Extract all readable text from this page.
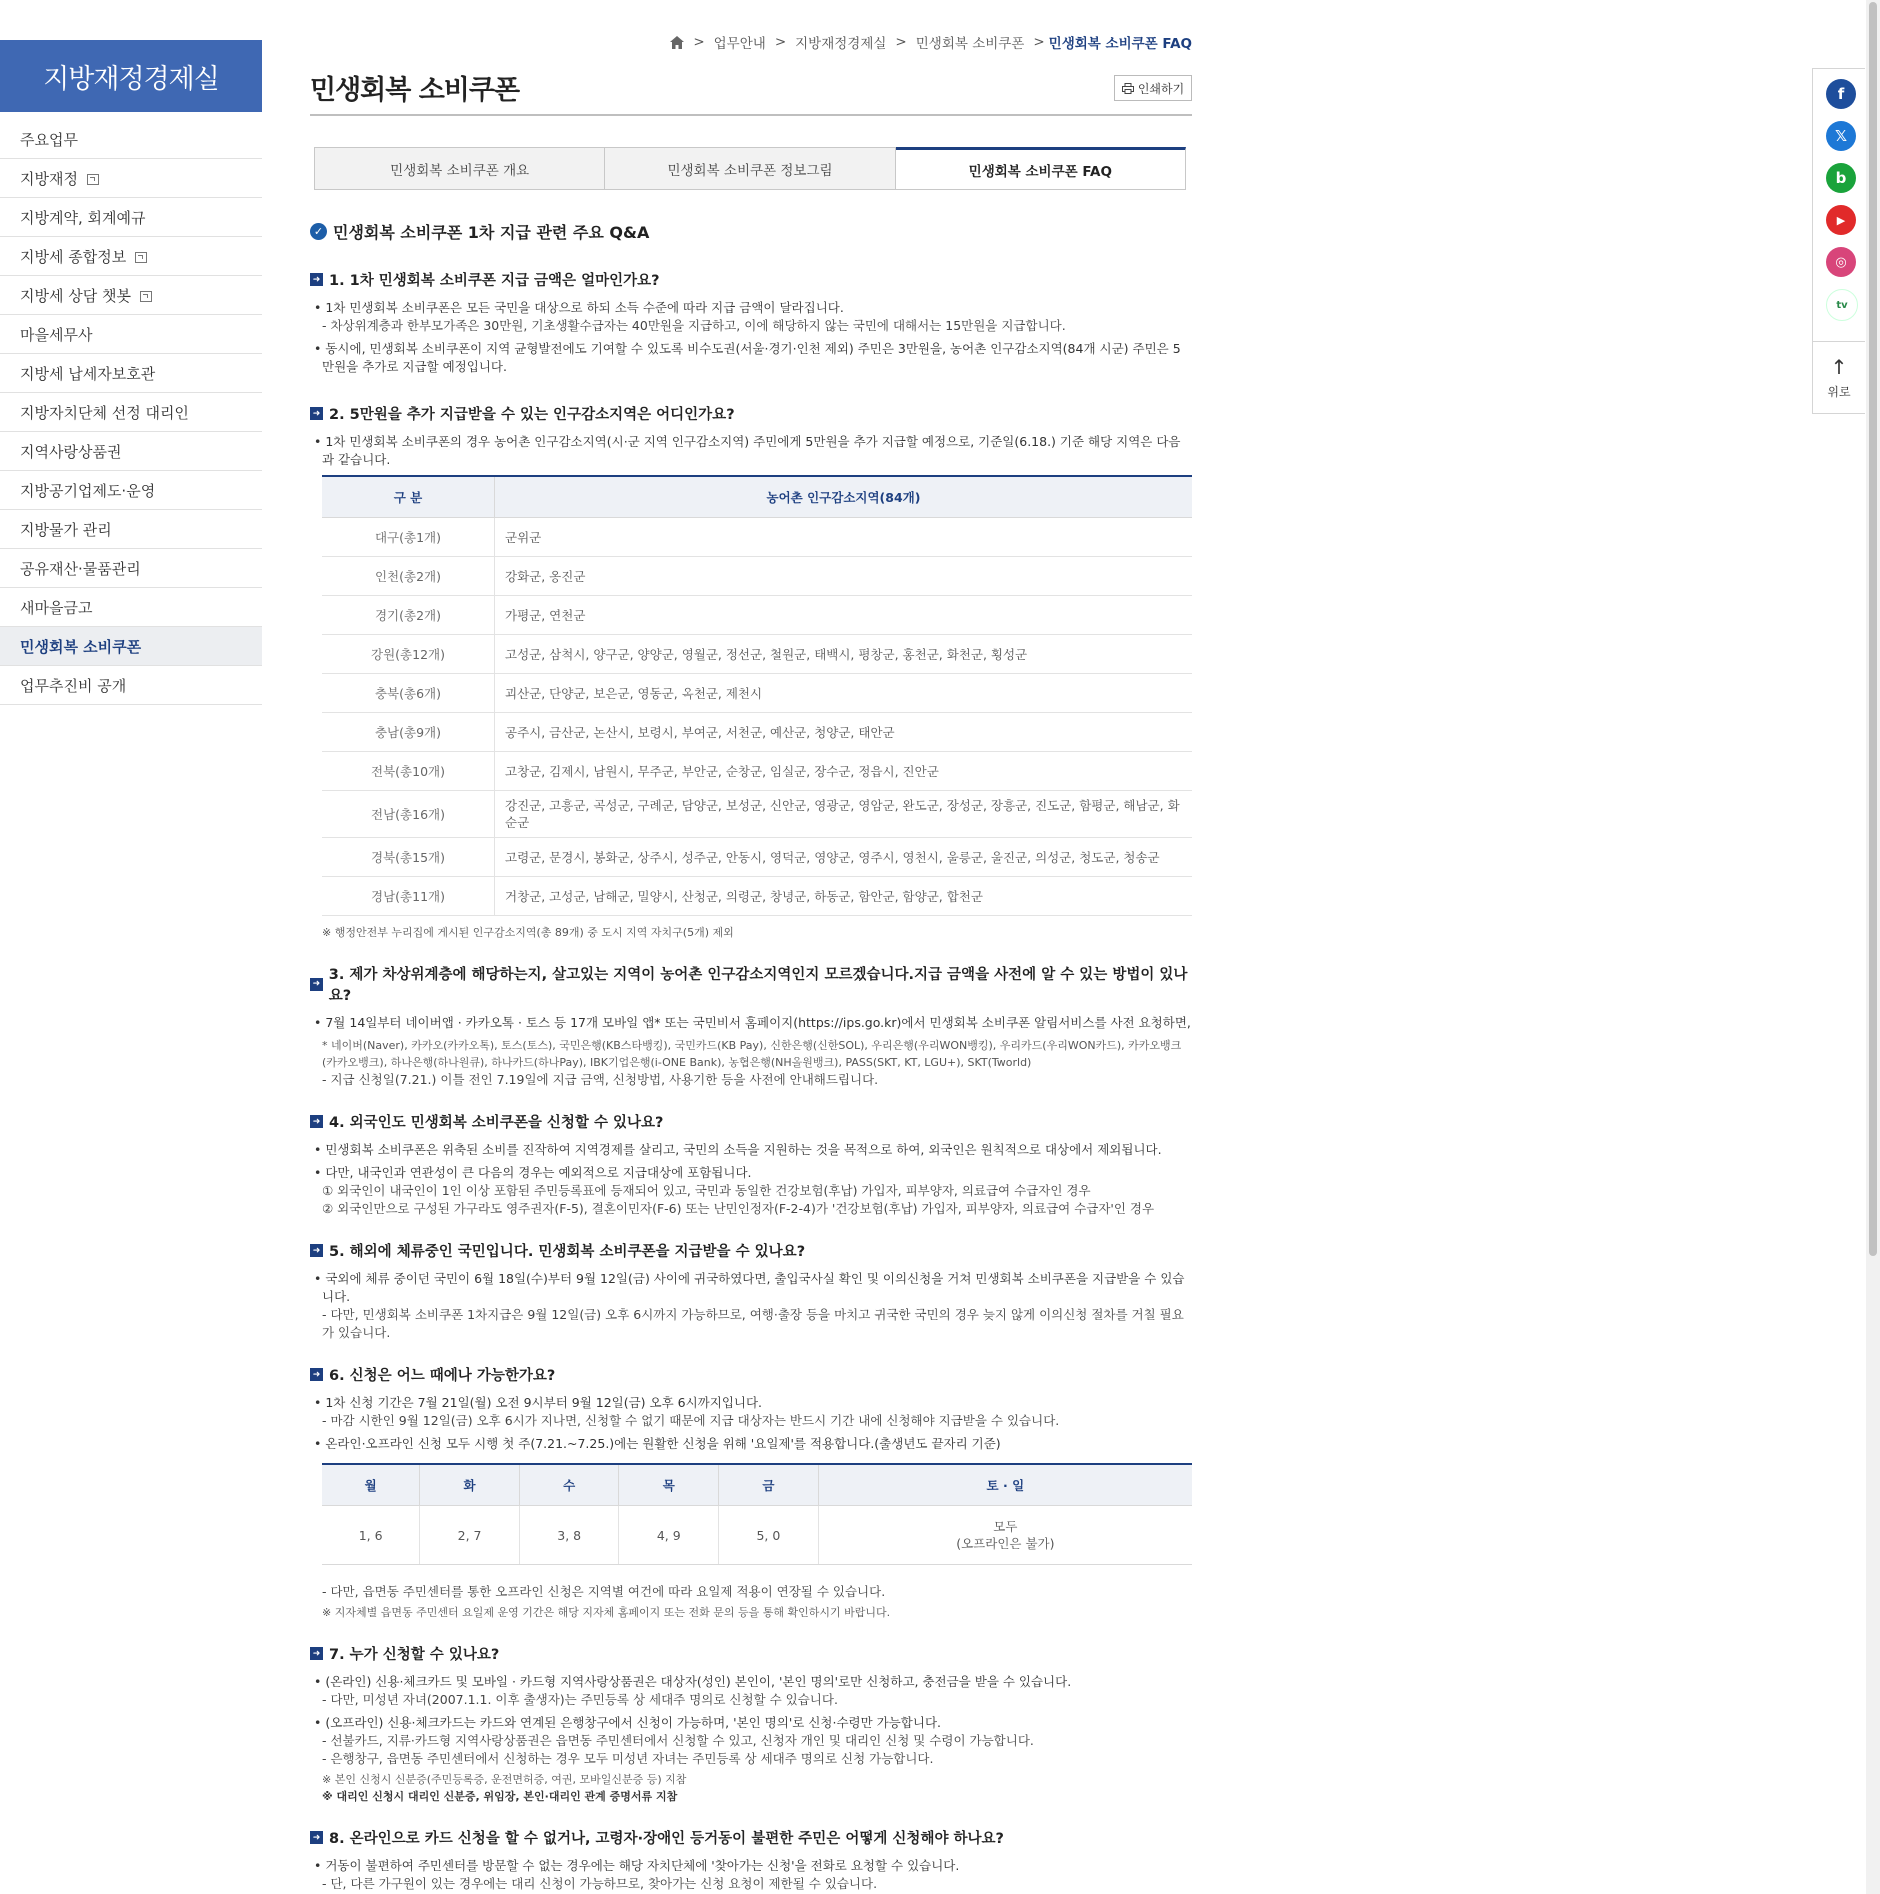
지방재정경제실
주요업무
지방재정
지방계약, 회계예규
지방세 종합정보
지방세 상담 챗봇
마을세무사
지방세 납세자보호관
지방자치단체 선정 대리인
지역사랑상품권
지방공기업제도·운영
지방물가 관리
공유재산·물품관리
새마을금고
민생회복 소비쿠폰
업무추진비 공개
> 업무안내 > 지방재정경제실 > 민생회복 소비쿠폰 > 민생회복 소비쿠폰 FAQ
민생회복 소비쿠폰	인쇄하기
민생회복 소비쿠폰 개요	민생회복 소비쿠폰 정보그림	민생회복 소비쿠폰 FAQ
✓ 민생회복 소비쿠폰 1차 지급 관련 주요 Q&A
➜ 1. 1차 민생회복 소비쿠폰 지급 금액은 얼마인가요?

• 1차 민생회복 소비쿠폰은 모든 국민을 대상으로 하되 소득 수준에 따라 지급 금액이 달라집니다.

- 차상위계층과 한부모가족은 30만원, 기초생활수급자는 40만원을 지급하고, 이에 해당하지 않는 국민에 대해서는 15만원을 지급합니다.

• 동시에, 민생회복 소비쿠폰이 지역 균형발전에도 기여할 수 있도록 비수도권(서울·경기·인천 제외) 주민은 3만원을, 농어촌 인구감소지역(84개 시군) 주민은 5만원을 추가로 지급할 예정입니다.

➜ 2. 5만원을 추가 지급받을 수 있는 인구감소지역은 어디인가요?

• 1차 민생회복 소비쿠폰의 경우 농어촌 인구감소지역(시·군 지역 인구감소지역) 주민에게 5만원을 추가 지급할 예정으로, 기준일(6.18.) 기준 해당 지역은 다음과 같습니다.

구 분	농어촌 인구감소지역(84개)
대구(총1개)	군위군
인천(총2개)	강화군, 옹진군
경기(총2개)	가평군, 연천군
강원(총12개)	고성군, 삼척시, 양구군, 양양군, 영월군, 정선군, 철원군, 태백시, 평창군, 홍천군, 화천군, 횡성군
충북(총6개)	괴산군, 단양군, 보은군, 영동군, 옥천군, 제천시
충남(총9개)	공주시, 금산군, 논산시, 보령시, 부여군, 서천군, 예산군, 청양군, 태안군
전북(총10개)	고창군, 김제시, 남원시, 무주군, 부안군, 순창군, 임실군, 장수군, 정읍시, 진안군
전남(총16개)	강진군, 고흥군, 곡성군, 구례군, 담양군, 보성군, 신안군, 영광군, 영암군, 완도군, 장성군, 장흥군, 진도군, 함평군, 해남군, 화순군
경북(총15개)	고령군, 문경시, 봉화군, 상주시, 성주군, 안동시, 영덕군, 영양군, 영주시, 영천시, 울릉군, 울진군, 의성군, 청도군, 청송군
경남(총11개)	거창군, 고성군, 남해군, 밀양시, 산청군, 의령군, 창녕군, 하동군, 함안군, 함양군, 합천군

※ 행정안전부 누리집에 게시된 인구감소지역(총 89개) 중 도시 지역 자치구(5개) 제외

➜
3. 제가 차상위계층에 해당하는지, 살고있는 지역이 농어촌 인구감소지역인지 모르겠습니다.지급 금액을 사전에 알 수 있는 방법이 있나요?

• 7월 14일부터 네이버앱 · 카카오톡 · 토스 등 17개 모바일 앱* 또는 국민비서 홈페이지(https://ips.go.kr)에서 민생회복 소비쿠폰 알림서비스를 사전 요청하면,

* 네이버(Naver), 카카오(카카오톡), 토스(토스), 국민은행(KB스타뱅킹), 국민카드(KB Pay), 신한은행(신한SOL), 우리은행(우리WON뱅킹), 우리카드(우리WON카드), 카카오뱅크(카카오뱅크), 하나은행(하나원큐), 하나카드(하나Pay), IBK기업은행(i-ONE Bank), 농협은행(NH올원뱅크), PASS(SKT, KT, LGU+), SKT(Tworld)

- 지급 신청일(7.21.) 이틀 전인 7.19일에 지급 금액, 신청방법, 사용기한 등을 사전에 안내해드립니다.

➜ 4. 외국인도 민생회복 소비쿠폰을 신청할 수 있나요?

• 민생회복 소비쿠폰은 위축된 소비를 진작하여 지역경제를 살리고, 국민의 소득을 지원하는 것을 목적으로 하여, 외국인은 원칙적으로 대상에서 제외됩니다.

• 다만, 내국인과 연관성이 큰 다음의 경우는 예외적으로 지급대상에 포함됩니다.

① 외국인이 내국인이 1인 이상 포함된 주민등록표에 등재되어 있고, 국민과 동일한 건강보험(후납) 가입자, 피부양자, 의료급여 수급자인 경우

② 외국인만으로 구성된 가구라도 영주권자(F-5), 결혼이민자(F-6) 또는 난민인정자(F-2-4)가 '건강보험(후납) 가입자, 피부양자, 의료급여 수급자'인 경우

➜ 5. 해외에 체류중인 국민입니다. 민생회복 소비쿠폰을 지급받을 수 있나요?

• 국외에 체류 중이던 국민이 6월 18일(수)부터 9월 12일(금) 사이에 귀국하였다면, 출입국사실 확인 및 이의신청을 거쳐 민생회복 소비쿠폰을 지급받을 수 있습니다.

- 다만, 민생회복 소비쿠폰 1차지급은 9월 12일(금) 오후 6시까지 가능하므로, 여행·출장 등을 마치고 귀국한 국민의 경우 늦지 않게 이의신청 절차를 거칠 필요가 있습니다.

➜ 6. 신청은 어느 때에나 가능한가요?

• 1차 신청 기간은 7월 21일(월) 오전 9시부터 9월 12일(금) 오후 6시까지입니다.

- 마감 시한인 9월 12일(금) 오후 6시가 지나면, 신청할 수 없기 때문에 지급 대상자는 반드시 기간 내에 신청해야 지급받을 수 있습니다.

• 온라인·오프라인 신청 모두 시행 첫 주(7.21.~7.25.)에는 원활한 신청을 위해 '요일제'를 적용합니다.(출생년도 끝자리 기준)

월	화	수	목	금	토 · 일
1, 6	2, 7	3, 8	4, 9	5, 0	모두
(오프라인은 불가)

- 다만, 읍면동 주민센터를 통한 오프라인 신청은 지역별 여건에 따라 요일제 적용이 연장될 수 있습니다.

※ 지자체별 읍면동 주민센터 요일제 운영 기간은 해당 지자체 홈페이지 또는 전화 문의 등을 통해 확인하시기 바랍니다.

➜ 7. 누가 신청할 수 있나요?

• (온라인) 신용·체크카드 및 모바일 · 카드형 지역사랑상품권은 대상자(성인) 본인이, '본인 명의'로만 신청하고, 충전금을 받을 수 있습니다.

- 다만, 미성년 자녀(2007.1.1. 이후 출생자)는 주민등록 상 세대주 명의로 신청할 수 있습니다.

• (오프라인) 신용·체크카드는 카드와 연계된 은행창구에서 신청이 가능하며, '본인 명의'로 신청·수령만 가능합니다.

- 선불카드, 지류·카드형 지역사랑상품권은 읍면동 주민센터에서 신청할 수 있고, 신청자 개인 및 대리인 신청 및 수령이 가능합니다.

- 은행창구, 읍면동 주민센터에서 신청하는 경우 모두 미성년 자녀는 주민등록 상 세대주 명의로 신청 가능합니다.

※ 본인 신청시 신분증(주민등록증, 운전면허증, 여권, 모바일신분증 등) 지참

※ 대리인 신청시 대리인 신분증, 위임장, 본인·대리인 관계 증명서류 지참

➜ 8. 온라인으로 카드 신청을 할 수 없거나, 고령자·장애인 등거동이 불편한 주민은 어떻게 신청해야 하나요?

• 거동이 불편하여 주민센터를 방문할 수 없는 경우에는 해당 자치단체에 '찾아가는 신청'을 전화로 요청할 수 있습니다.

- 단, 다른 가구원이 있는 경우에는 대리 신청이 가능하므로, 찾아가는 신청 요청이 제한될 수 있습니다.

f
𝕏
b
▶
◎
tv
↑
위로
